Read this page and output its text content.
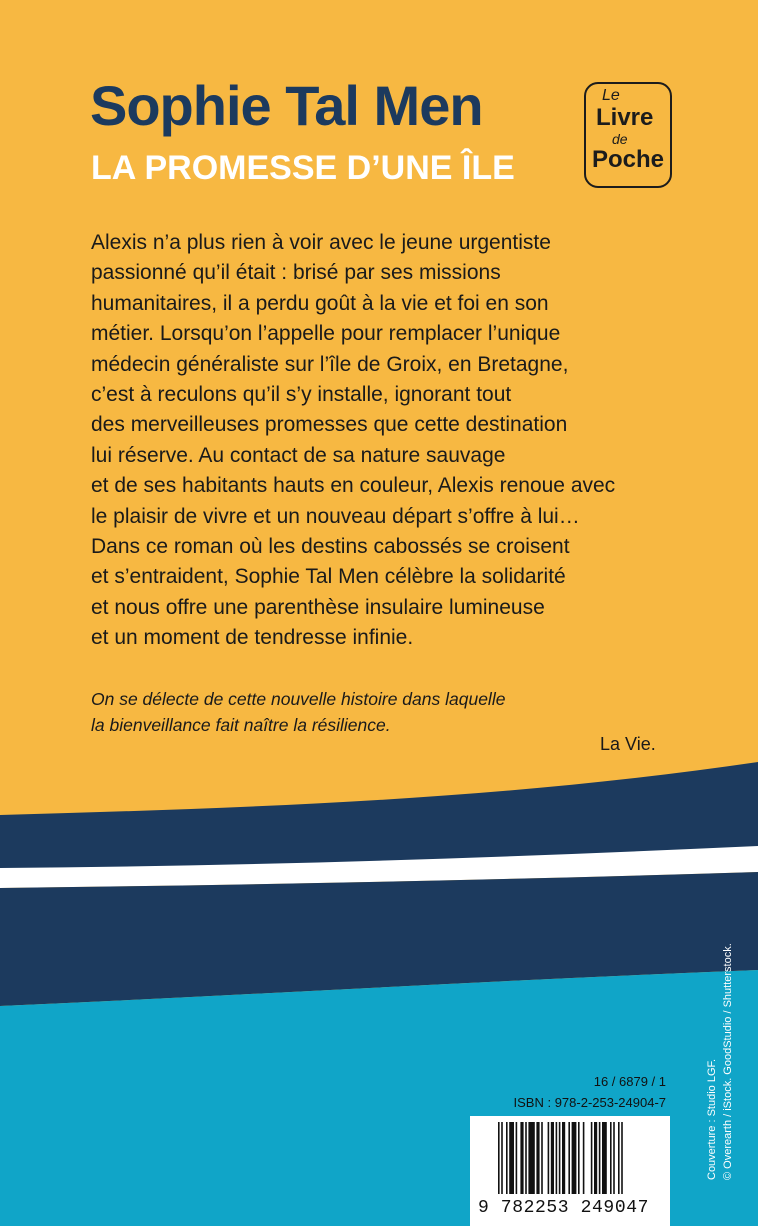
Sophie Tal Men
LA PROMESSE D’UNE ÎLE
Le
Livre
de
Poche
Alexis n’a plus rien à voir avec le jeune urgentiste
passionné qu’il était : brisé par ses missions
humanitaires, il a perdu goût à la vie et foi en son
métier. Lorsqu’on l’appelle pour remplacer l’unique
médecin généraliste sur l’île de Groix, en Bretagne,
c’est à reculons qu’il s’y installe, ignorant tout
des merveilleuses promesses que cette destination
lui réserve. Au contact de sa nature sauvage
et de ses habitants hauts en couleur, Alexis renoue avec
le plaisir de vivre et un nouveau départ s’offre à lui…
Dans ce roman où les destins cabossés se croisent
et s’entraident, Sophie Tal Men célèbre la solidarité
et nous offre une parenthèse insulaire lumineuse
et un moment de tendresse infinie.
On se délecte de cette nouvelle histoire dans laquelle
la bienveillance fait naître la résilience.
La Vie.
Couverture : Studio LGF. © Overearth / iStock. GoodStudio / Shutterstock.
16 / 6879 / 1
ISBN : 978-2-253-24904-7
9 782253 249047
